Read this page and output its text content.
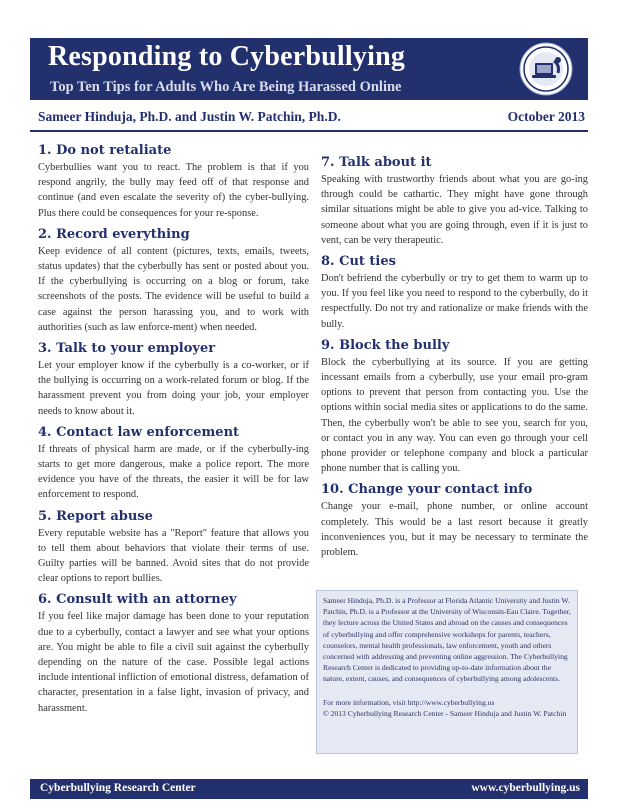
Responding to Cyberbullying
Top Ten Tips for Adults Who Are Being Harassed Online
Sameer Hinduja, Ph.D. and Justin W. Patchin, Ph.D.	October 2013
1. Do not retaliate

Cyberbullies want you to react. The problem is that if you respond angrily, the bully may feed off of that response and continue (and even escalate the severity of) the cyber-bullying. Plus there could be consequences for your re-sponse.

2. Record everything

Keep evidence of all content (pictures, texts, emails, tweets, status updates) that the cyberbully has sent or posted about you. If the cyberbullying is occurring on a blog or forum, take screenshots of the posts. The evidence will be useful to build a case against the person harassing you, and to work with authorities (such as law enforce-ment) when needed.

3. Talk to your employer

Let your employer know if the cyberbully is a co-worker, or if the bullying is occurring on a work-related forum or blog. If the harassment prevent you from doing your job, your employer needs to know about it.

4. Contact law enforcement

If threats of physical harm are made, or if the cyberbully-ing starts to get more dangerous, make a police report. The more evidence you have of the threats, the easier it will be for law enforcement to respond.

5. Report abuse

Every reputable website has a "Report" feature that allows you to tell them about behaviors that violate their terms of use. Guilty parties will be banned. Avoid sites that do not provide clear options to report bullies.

6. Consult with an attorney

If you feel like major damage has been done to your reputation due to a cyberbully, contact a lawyer and see what your options are. You might be able to file a civil suit against the cyberbully depending on the nature of the case. Possible legal actions include intentional infliction of emotional distress, defamation of character, presentation in a false light, invasion of privacy, and harassment.

7. Talk about it

Speaking with trustworthy friends about what you are go-ing through could be cathartic. They might have gone through similar situations might be able to give you ad-vice. Talking to someone about what you are going through, even if it is just to vent, can be very therapeutic.

8. Cut ties

Don't befriend the cyberbully or try to get them to warm up to you. If you feel like you need to respond to the cyberbully, do it respectfully. Do not try and rationalize or make friends with the bully.

9. Block the bully

Block the cyberbullying at its source. If you are getting incessant emails from a cyberbully, use your email pro-gram options to prevent that person from contacting you. Use the options within social media sites or applications to do the same. Then, the cyberbully won't be able to see you, search for you, or contact you in any way. You can even go through your cell phone provider or telephone company and block a particular phone number that is calling you.

10. Change your contact info

Change your e-mail, phone number, or online account completely. This would be a last resort because it greatly inconveniences you, but it may be necessary to terminate the problem.

Sameer Hinduja, Ph.D. is a Professor at Florida Atlantic University and Justin W. Patchin, Ph.D. is a Professor at the University of Wisconsin-Eau Claire. Together, they lecture across the United States and abroad on the causes and consequences of cyberbullying and offer comprehensive workshops for parents, teachers, counselors, mental health professionals, law enforcement, youth and others concerned with addressing and preventing online aggression. The Cyberbullying Research Center is dedicated to providing up-to-date information about the nature, extent, causes, and consequences of cyberbullying among adolescents.

For more information, visit http://www.cyberbullying.us

© 2013 Cyberbullying Research Center - Sameer Hinduja and Justin W. Patchin

Cyberbullying Research Center	www.cyberbullying.us
